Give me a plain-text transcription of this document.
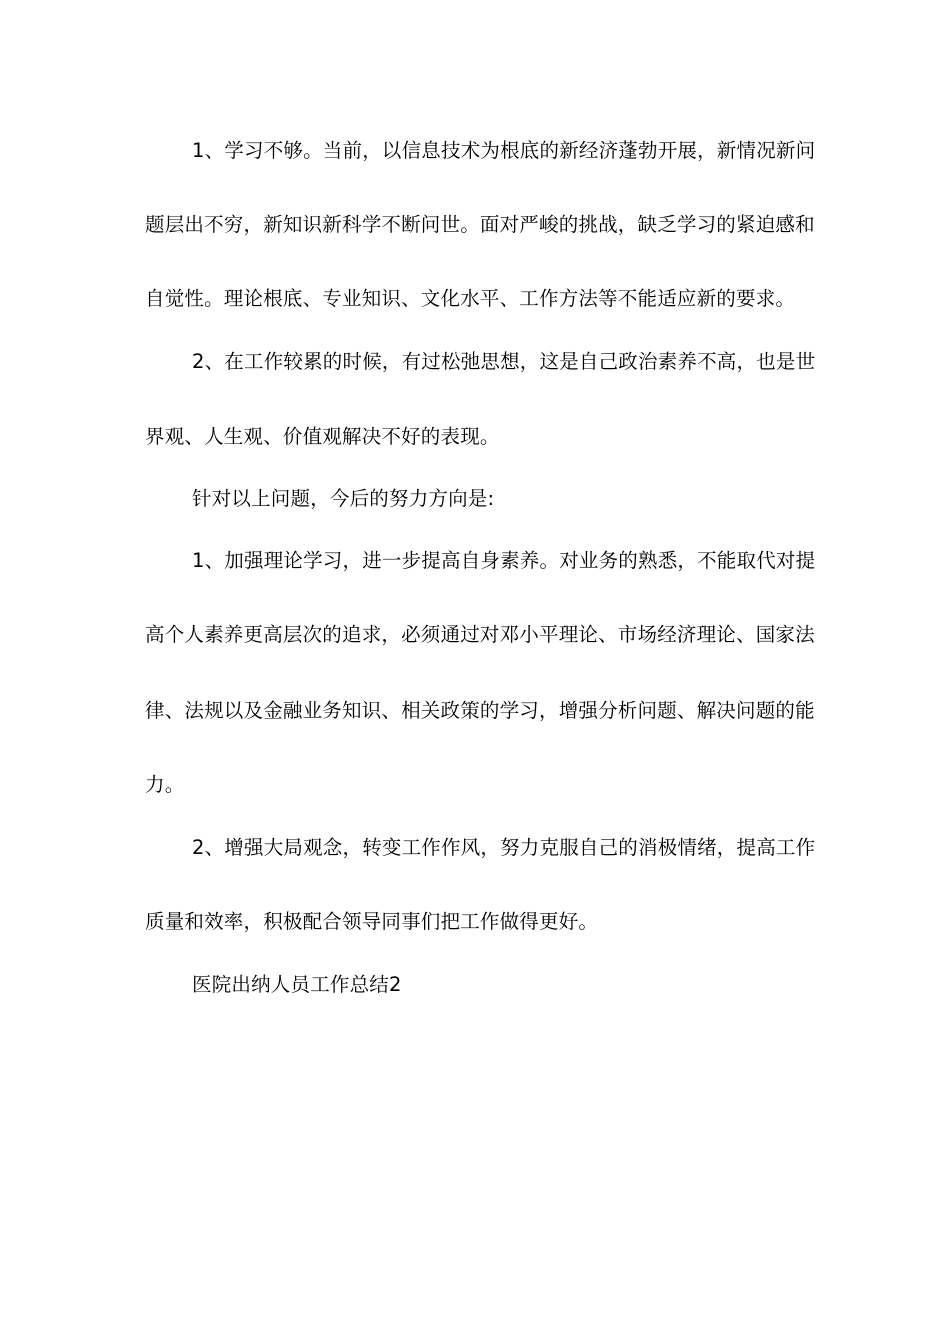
1、学习不够。当前，以信息技术为根底的新经济蓬勃开展，新情况新问
题层出不穷，新知识新科学不断问世。面对严峻的挑战，缺乏学习的紧迫感和
自觉性。理论根底、专业知识、文化水平、工作方法等不能适应新的要求。
2、在工作较累的时候，有过松弛思想，这是自己政治素养不高，也是世
界观、人生观、价值观解决不好的表现。
针对以上问题，今后的努力方向是:
1、加强理论学习，进一步提高自身素养。对业务的熟悉，不能取代对提
高个人素养更高层次的追求，必须通过对邓小平理论、市场经济理论、国家法
律、法规以及金融业务知识、相关政策的学习，增强分析问题、解决问题的能
力。
2、增强大局观念，转变工作作风，努力克服自己的消极情绪，提高工作
质量和效率，积极配合领导同事们把工作做得更好。
医院出纳人员工作总结2
